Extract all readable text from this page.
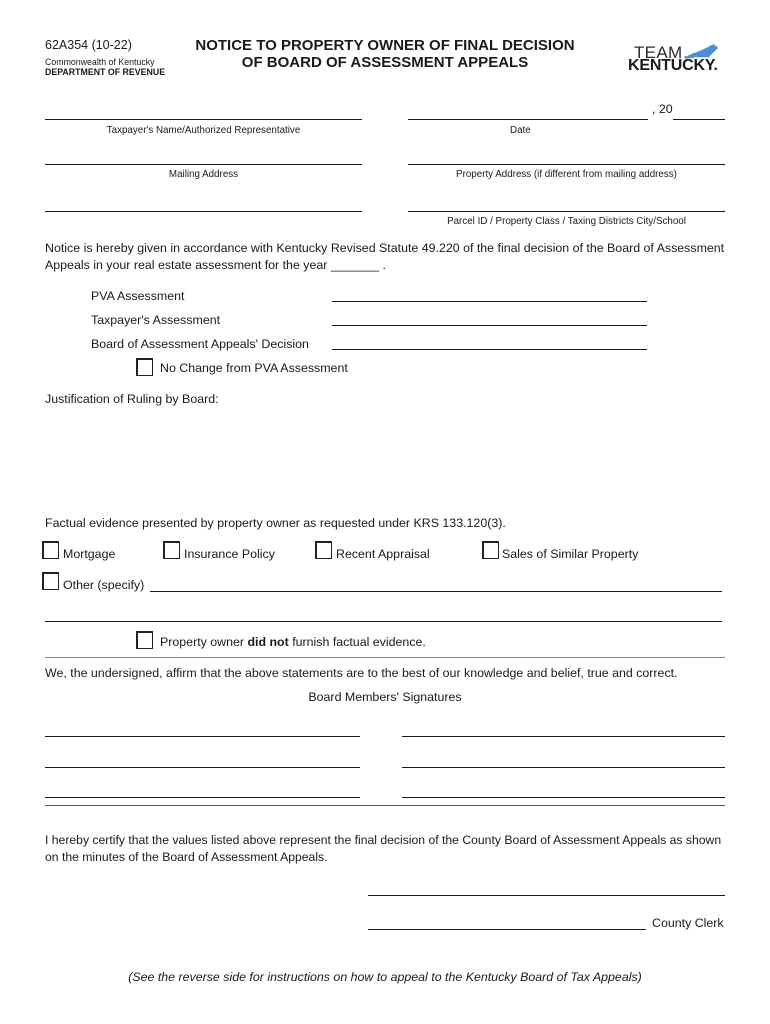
62A354 (10-22)
Commonwealth of Kentucky
DEPARTMENT OF REVENUE
NOTICE TO PROPERTY OWNER OF FINAL DECISION
OF BOARD OF ASSESSMENT APPEALS
TEAM
KENTUCKY.
, 20
Taxpayer's Name/Authorized Representative	Date
Mailing Address	Property Address (if different from mailing address)
Parcel ID / Property Class / Taxing Districts City/School
Notice is hereby given in accordance with Kentucky Revised Statute 49.220 of the final decision of the Board of Assessment
Appeals in your real estate assessment for the year _______ .
PVA Assessment
Taxpayer's Assessment
Board of Assessment Appeals' Decision
No Change from PVA Assessment
Justification of Ruling by Board:
Factual evidence presented by property owner as requested under KRS 133.120(3).
Mortgage	Insurance Policy	Recent Appraisal	Sales of Similar Property
Other (specify)
Property owner did not furnish factual evidence.
We, the undersigned, affirm that the above statements are to the best of our knowledge and belief, true and correct.
Board Members' Signatures
I hereby certify that the values listed above represent the final decision of the County Board of Assessment Appeals as shown
on the minutes of the Board of Assessment Appeals.
County Clerk
(See the reverse side for instructions on how to appeal to the Kentucky Board of Tax Appeals)
